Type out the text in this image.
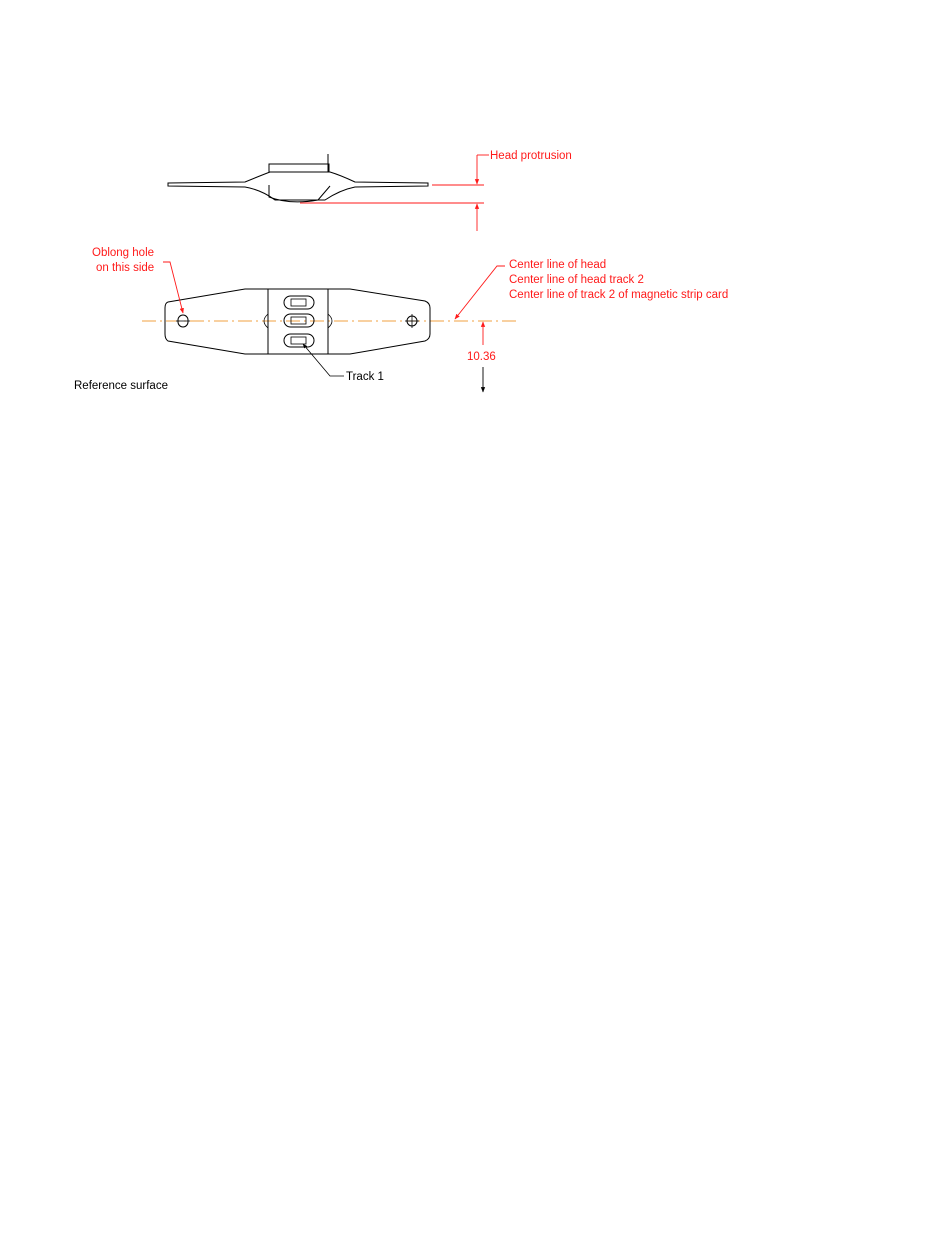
Head protrusion
Oblong hole
on this side	Center line of head
Center line of head track 2
Center line of track 2 of magnetic strip card
10.36
Track 1
Reference surface
